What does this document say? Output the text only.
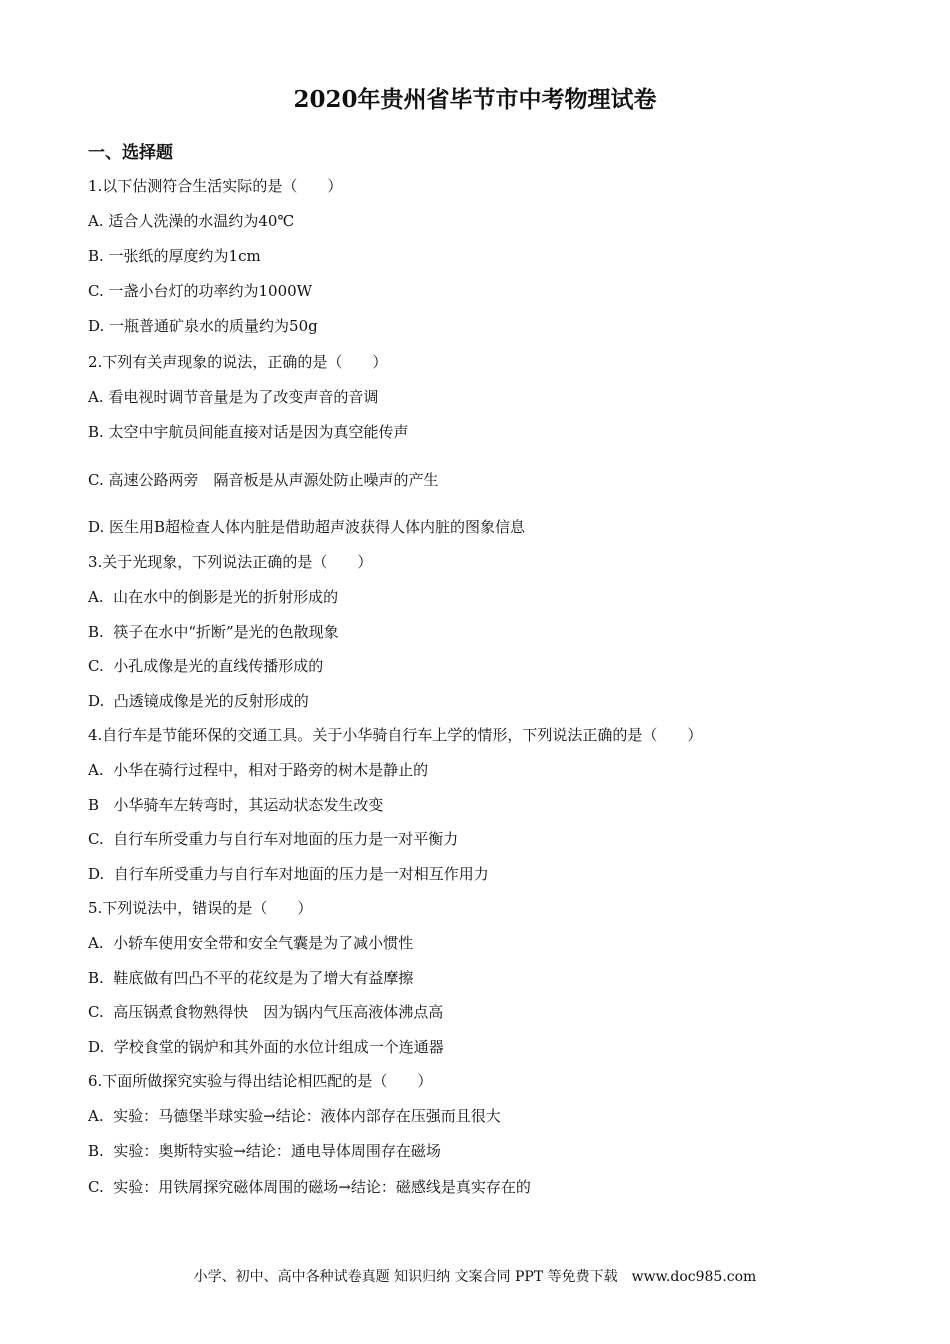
2020年贵州省毕节市中考物理试卷
一、选择题
1.以下估测符合生活实际的是（　　）
A. 适合人洗澡的水温约为40℃
B. 一张纸的厚度约为1cm
C. 一盏小台灯的功率约为1000W
D. 一瓶普通矿泉水的质量约为50g
2.下列有关声现象的说法，正确的是（　　）
A. 看电视时调节音量是为了改变声音的音调
B. 太空中宇航员间能直接对话是因为真空能传声
C. 高速公路两旁　隔音板是从声源处防止噪声的产生
D. 医生用B超检查人体内脏是借助超声波获得人体内脏的图象信息
3.关于光现象，下列说法正确的是（　　）
A.  山在水中的倒影是光的折射形成的
B.  筷子在水中“折断”是光的色散现象
C.  小孔成像是光的直线传播形成的
D.  凸透镜成像是光的反射形成的
4.自行车是节能环保的交通工具。关于小华骑自行车上学的情形，下列说法正确的是（　　）
A.  小华在骑行过程中，相对于路旁的树木是静止的
B   小华骑车左转弯时，其运动状态发生改变
C.  自行车所受重力与自行车对地面的压力是一对平衡力
D.  自行车所受重力与自行车对地面的压力是一对相互作用力
5.下列说法中，错误的是（　　）
A.  小轿车使用安全带和安全气囊是为了减小惯性
B.  鞋底做有凹凸不平的花纹是为了增大有益摩擦
C.  高压锅煮食物熟得快　因为锅内气压高液体沸点高
D.  学校食堂的锅炉和其外面的水位计组成一个连通器
6.下面所做探究实验与得出结论相匹配的是（　　）
A.  实验：马德堡半球实验→结论：液体内部存在压强而且很大
B.  实验：奥斯特实验→结论：通电导体周围存在磁场
C.  实验：用铁屑探究磁体周围的磁场→结论：磁感线是真实存在的
小学、初中、高中各种试卷真题 知识归纳 文案合同 PPT 等免费下载　www.doc985.com
